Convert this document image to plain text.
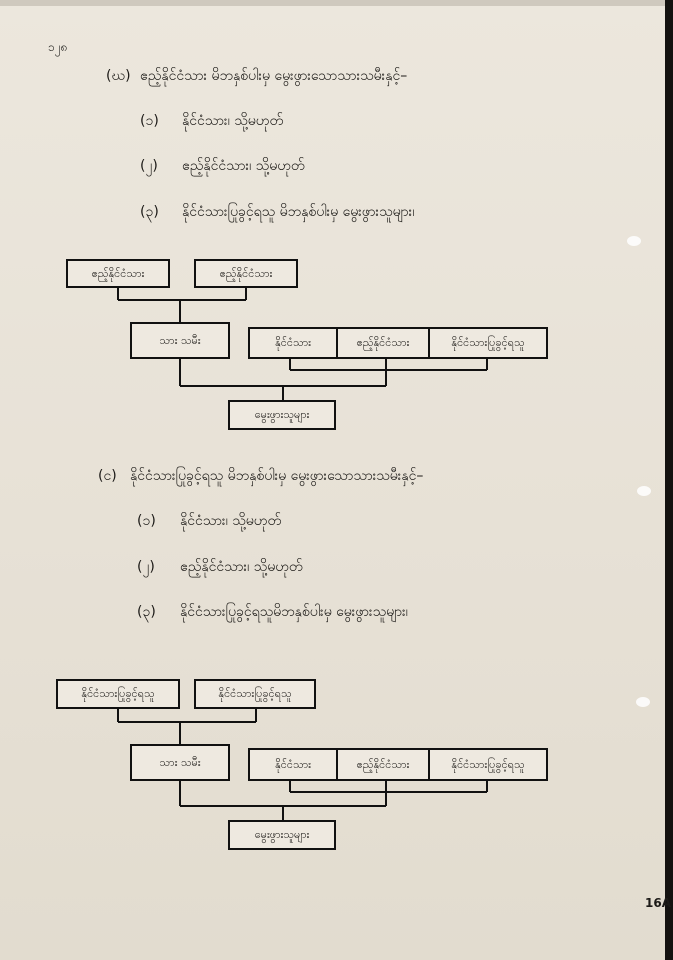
၁၂၈
(ဃ) ဧည့်နိုင်ငံသား မိဘနှစ်ပါးမှ မွေးဖွားသောသားသမီးနှင့်–
(၁) နိုင်ငံသား၊ သို့မဟုတ်
(၂) ဧည့်နိုင်ငံသား၊ သို့မဟုတ်
(၃) နိုင်ငံသားပြုခွင့်ရသူ မိဘနှစ်ပါးမှ မွေးဖွားသူများ၊
ဧည့်နိုင်ငံသား	ဧည့်နိုင်ငံသား
သား သမီး	နိုင်ငံသား	ဧည့်နိုင်ငံသား	နိုင်ငံသားပြုခွင့်ရသူ
မွေးဖွားသူများ
(င) နိုင်ငံသားပြုခွင့်ရသူ မိဘနှစ်ပါးမှ မွေးဖွားသောသားသမီးနှင့်–
(၁) နိုင်ငံသား၊ သို့မဟုတ်
(၂) ဧည့်နိုင်ငံသား၊ သို့မဟုတ်
(၃) နိုင်ငံသားပြုခွင့်ရသူမိဘနှစ်ပါးမှ မွေးဖွားသူများ၊
နိုင်ငံသားပြုခွင့်ရသူ	နိုင်ငံသားပြုခွင့်ရသူ
သား သမီး	နိုင်ငံသား	ဧည့်နိုင်ငံသား	နိုင်ငံသားပြုခွင့်ရသူ
မွေးဖွားသူများ
16A
